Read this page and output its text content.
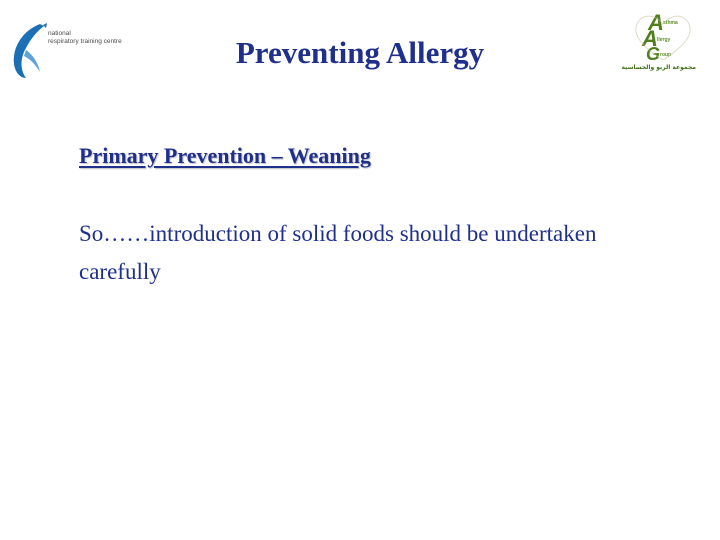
national
respiratory training centre
A sthma
A llergy
G roup
مجموعة الربو والحساسية
Preventing Allergy
Primary Prevention – Weaning
So……introduction of solid foods should be undertaken carefully
